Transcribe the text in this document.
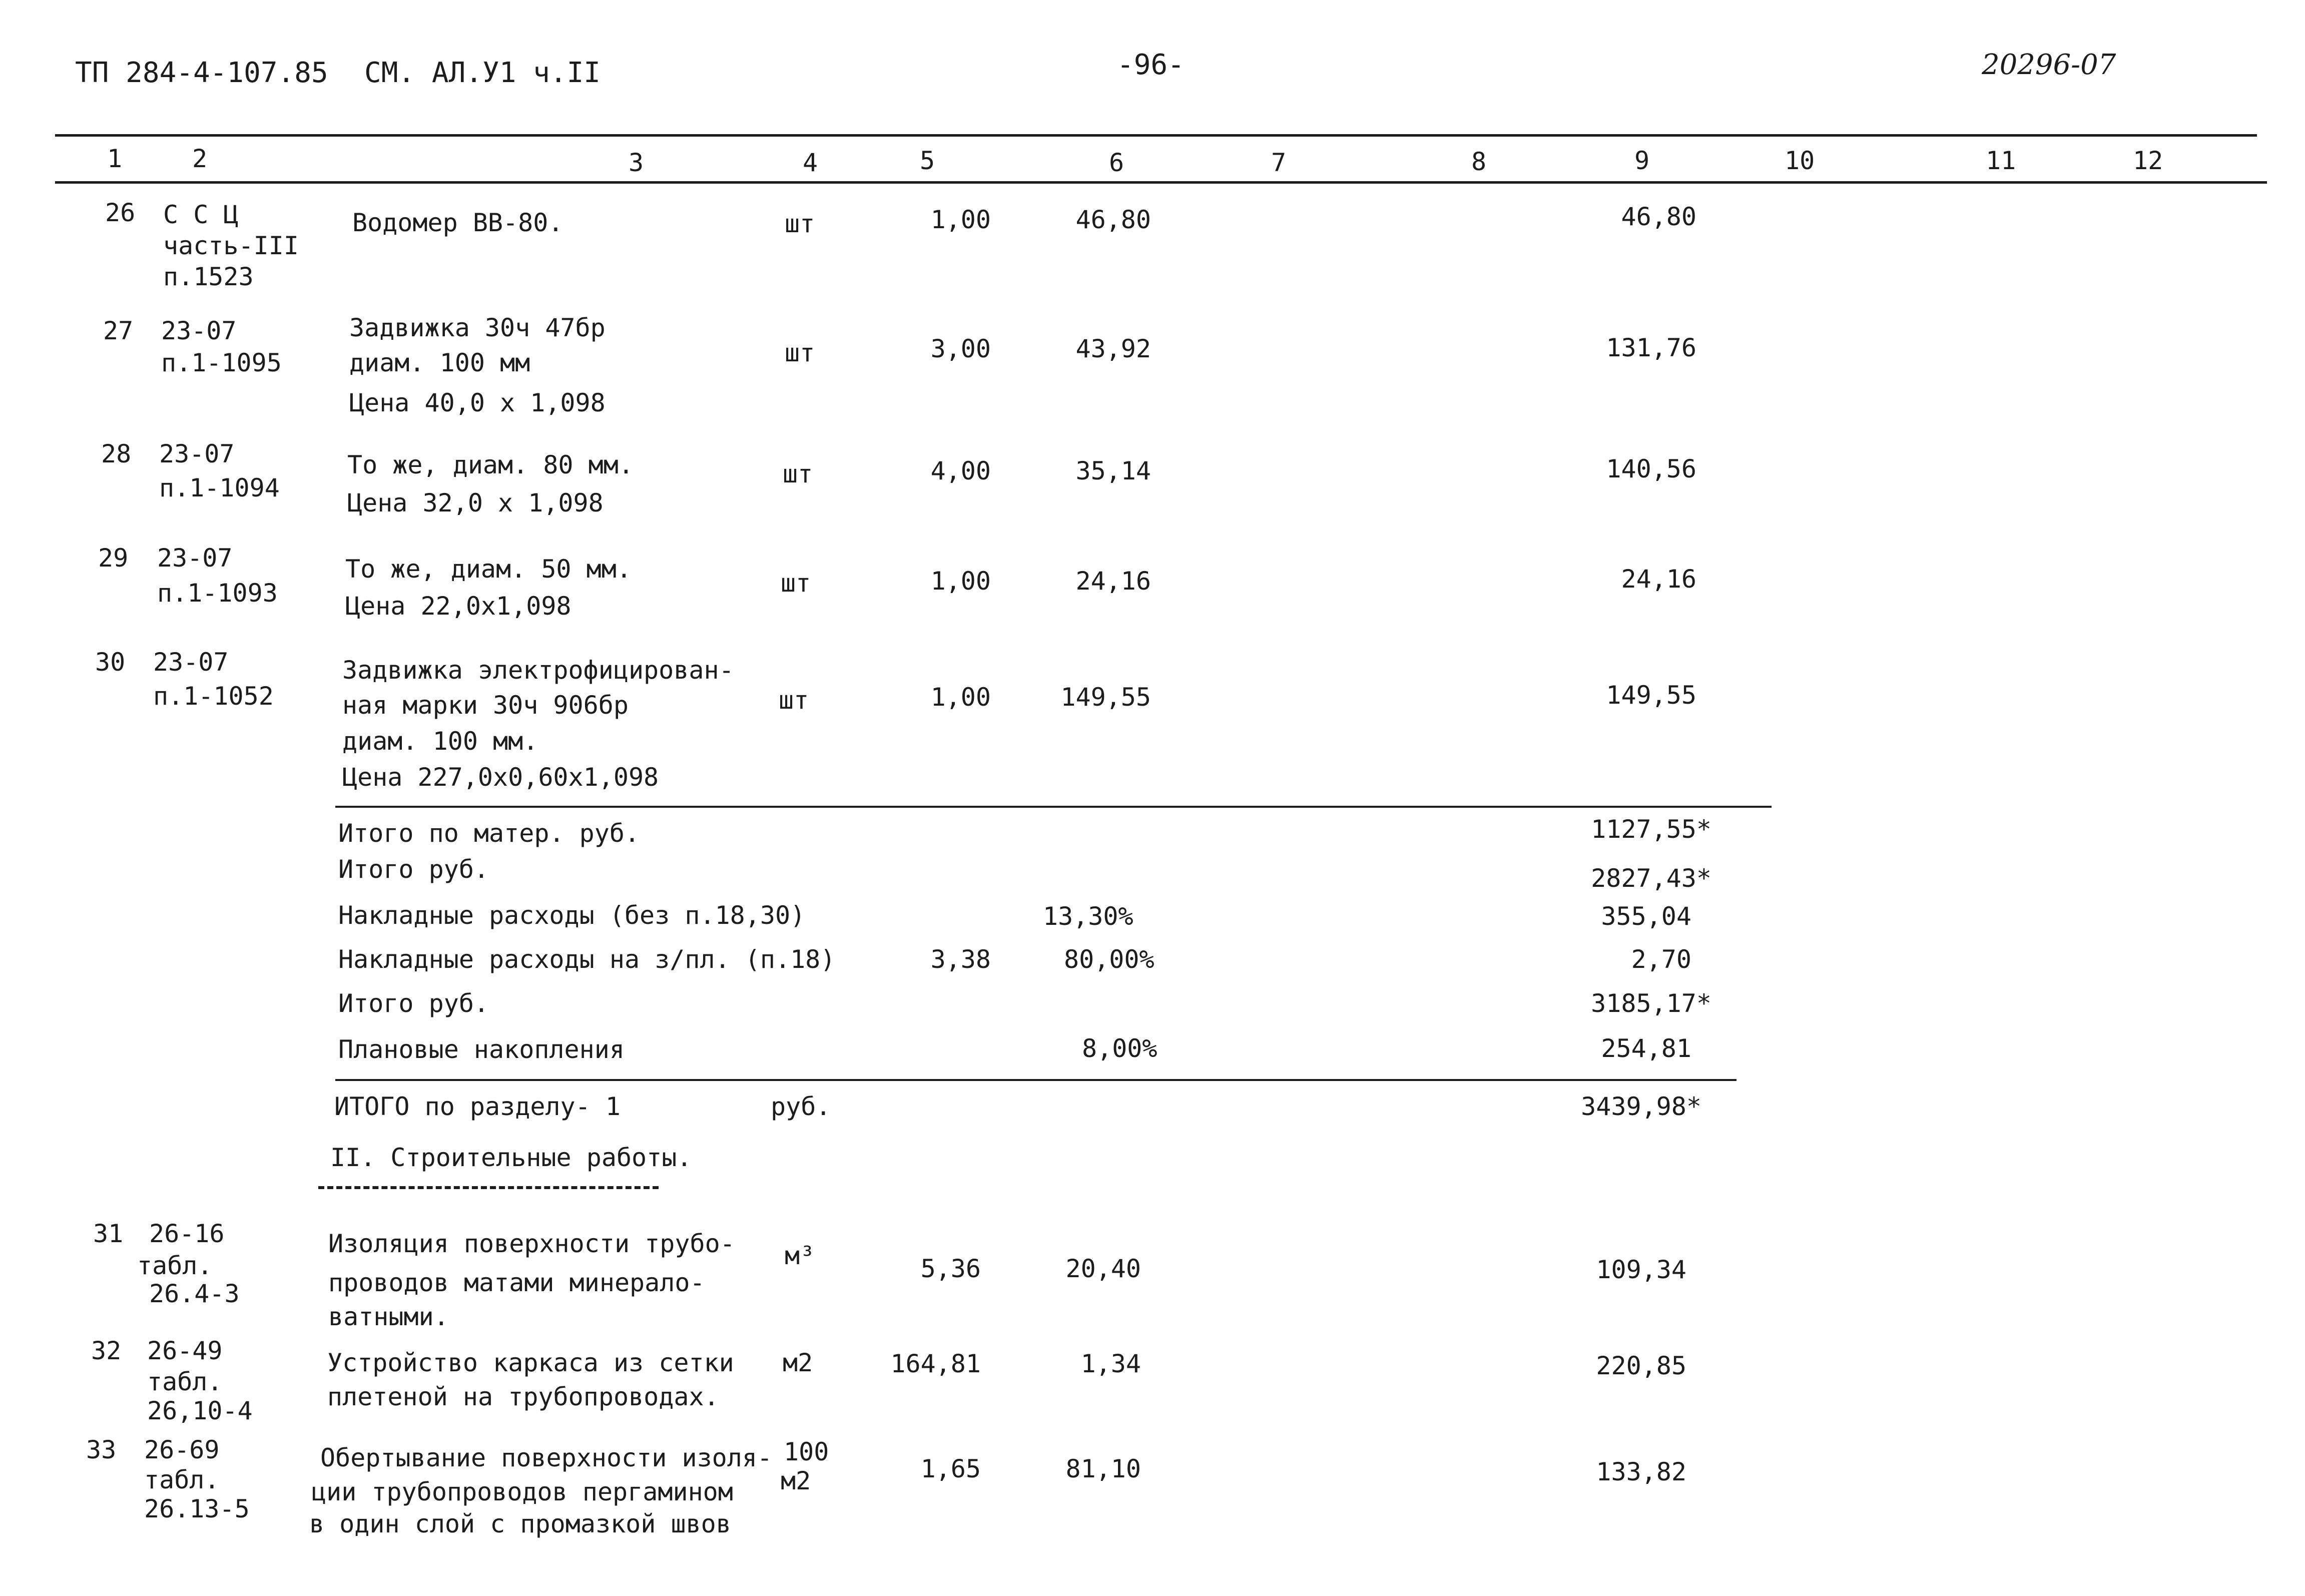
ТП 284-4-107.85 СМ. АЛ.У1 ч.II	-96-	20296-07
1	2	3	4	5	6	7	8	9	10	11	12
26 С С Ц
часть-III
п.1523
Водомер ВВ-80.	шт	1,00	46,80	46,80
27 23-07
п.1-1095
Задвижка 30ч 47бр
диам. 100 мм
Цена 40,0 х 1,098
шт	3,00	43,92	131,76
28 23-07
п.1-1094
То же, диам. 80 мм.
Цена 32,0 х 1,098
шт	4,00	35,14	140,56
29 23-07
п.1-1093
То же, диам. 50 мм.
Цена 22,0х1,098
шт	1,00	24,16	24,16
30 23-07
п.1-1052
Задвижка электрофицирован-
ная марки 30ч 906бр
диам. 100 мм.
Цена 227,0х0,60х1,098
шт	1,00	149,55	149,55
Итого по матер. руб.	1127,55*
Итого руб.	2827,43*
Накладные расходы (без п.18,30)	13,30%	355,04
Накладные расходы на з/пл. (п.18)	3,38	80,00%	2,70
Итого руб.	3185,17*
Плановые накопления	8,00%	254,81
ИТОГО по разделу- 1	руб.	3439,98*
II. Строительные работы.
31 26-16
табл.
26.4-3
Изоляция поверхности трубо-
проводов матами минерало-
ватными.
м³	5,36	20,40	109,34
32 26-49
табл.
26,10-4
Устройство каркаса из сетки
плетеной на трубопроводах.
м2	164,81	1,34	220,85
33 26-69
табл.
26.13-5
Обертывание поверхности изоля-
ции трубопроводов пергамином
в один слой с промазкой швов
100
м2	1,65	81,10	133,82
